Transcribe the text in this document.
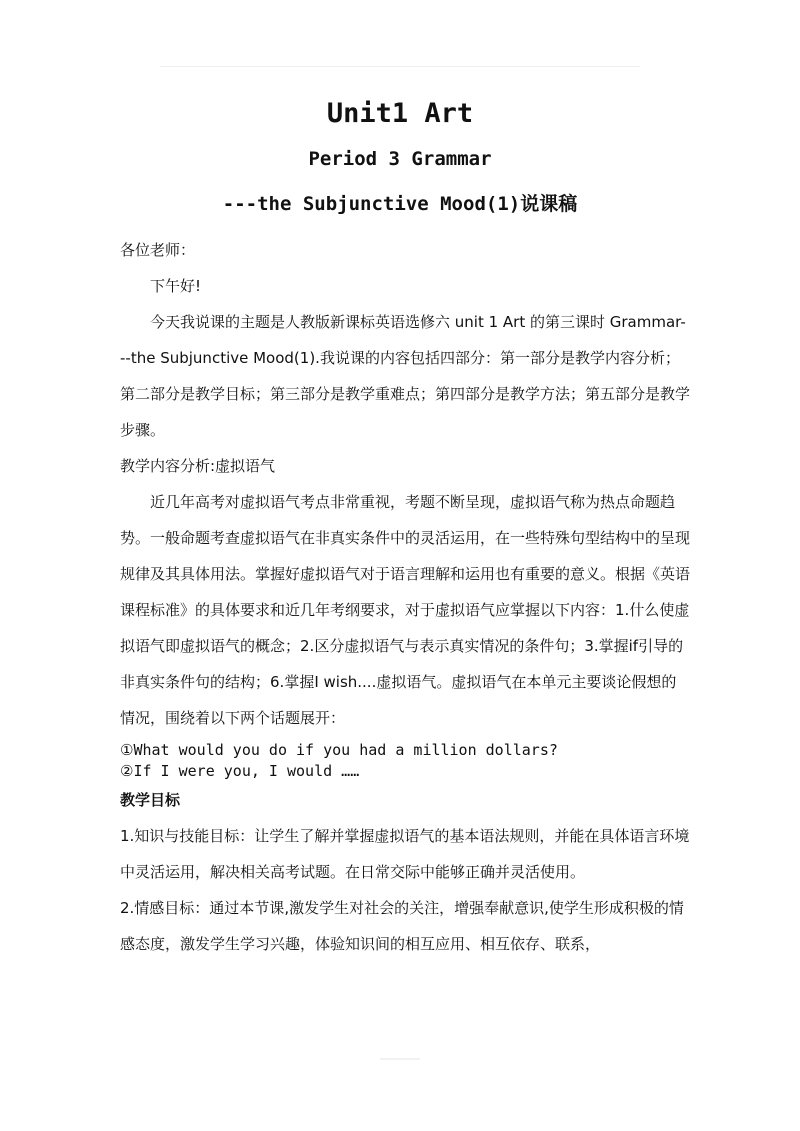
Unit1 Art
Period 3 Grammar
---the Subjunctive Mood(1)说课稿

各位老师：

下午好!

今天我说课的主题是人教版新课标英语选修六 unit 1 Art 的第三课时 Grammar---the Subjunctive Mood(1).我说课的内容包括四部分：第一部分是教学内容分析；第二部分是教学目标；第三部分是教学重难点；第四部分是教学方法；第五部分是教学步骤。

教学内容分析:虚拟语气

近几年高考对虚拟语气考点非常重视，考题不断呈现，虚拟语气称为热点命题趋势。一般命题考查虚拟语气在非真实条件中的灵活运用，在一些特殊句型结构中的呈现规律及其具体用法。掌握好虚拟语气对于语言理解和运用也有重要的意义。根据《英语课程标准》的具体要求和近几年考纲要求，对于虚拟语气应掌握以下内容：1.什么使虚拟语气即虚拟语气的概念；2.区分虚拟语气与表示真实情况的条件句；3.掌握if引导的非真实条件句的结构；6.掌握I wish....虚拟语气。虚拟语气在本单元主要谈论假想的情况，围绕着以下两个话题展开：

①What would you do if you had a million dollars?
②If I were you, I would ……

教学目标

1.知识与技能目标：让学生了解并掌握虚拟语气的基本语法规则，并能在具体语言环境中灵活运用，解决相关高考试题。在日常交际中能够正确并灵活使用。

2.情感目标：通过本节课,激发学生对社会的关注，增强奉献意识,使学生形成积极的情感态度，激发学生学习兴趣，体验知识间的相互应用、相互依存、联系，
